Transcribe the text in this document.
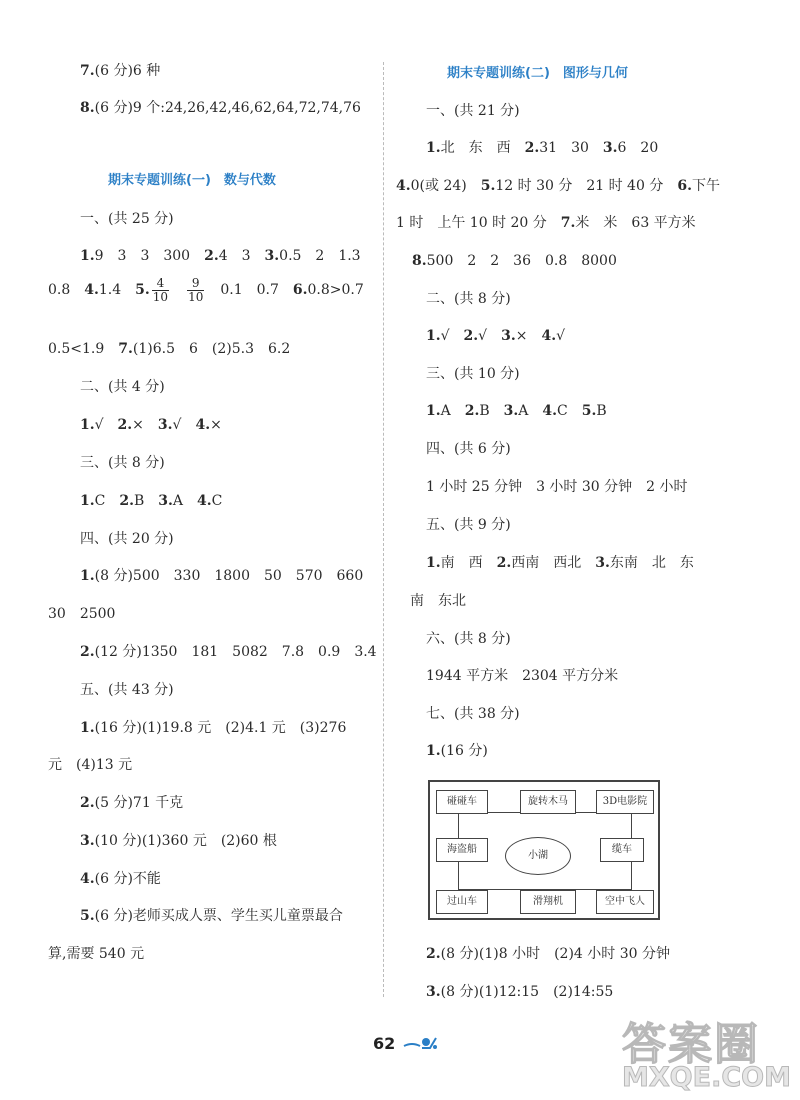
7.(6 分)6 种
8.(6 分)9 个:24,26,42,46,62,64,72,74,76
期末专题训练(一)　数与代数
一、(共 25 分)
1.9　3　3　300　2.4　3　3.0.5　2　1.3
0.8　4.1.4　5. $\frac{4}{10}$
　 $\frac{9}{10}$ 　0.1　0.7　6.0.8>0.7
0.5<1.9　7.(1)6.5　6　(2)5.3　6.2
二、(共 4 分)
1.√　2.×　3.√　4.×
三、(共 8 分)
1.C　2.B　3.A　4.C
四、(共 20 分)
1.(8 分)500　330　1800　50　570　660
30　2500
2.(12 分)1350　181　5082　7.8　0.9　3.4
五、(共 43 分)
1.(16 分)(1)19.8 元　(2)4.1 元　(3)276
元　(4)13 元
2.(5 分)71 千克
3.(10 分)(1)360 元　(2)60 根
4.(6 分)不能
5.(6 分)老师买成人票、学生买儿童票最合
算,需要 540 元
期末专题训练(二)　图形与几何
一、(共 21 分)
1.北　东　西　2.31　30　3.6　20
4.0(或 24)　5.12 时 30 分　21 时 40 分　6.下午
1 时　上午 10 时 20 分　7.米　米　63 平方米
8.500　2　2　36　0.8　8000
二、(共 8 分)
1.√　2.√　3.×　4.√
三、(共 10 分)
1.A　2.B　3.A　4.C　5.B
四、(共 6 分)
1 小时 25 分钟　3 小时 30 分钟　2 小时
五、(共 9 分)
1.南　西　2.西南　西北　3.东南　北　东
南　东北
六、(共 8 分)
1944 平方米　2304 平方分米
七、(共 38 分)
1.(16 分)
碰碰车	旋转木马	3D电影院
海盗船
小湖
缆车
过山车	滑翔机	空中飞人
2.(8 分)(1)8 小时　(2)4 小时 30 分钟
3.(8 分)(1)12:15　(2)14:55
62	答案圈
MXQE.COM
